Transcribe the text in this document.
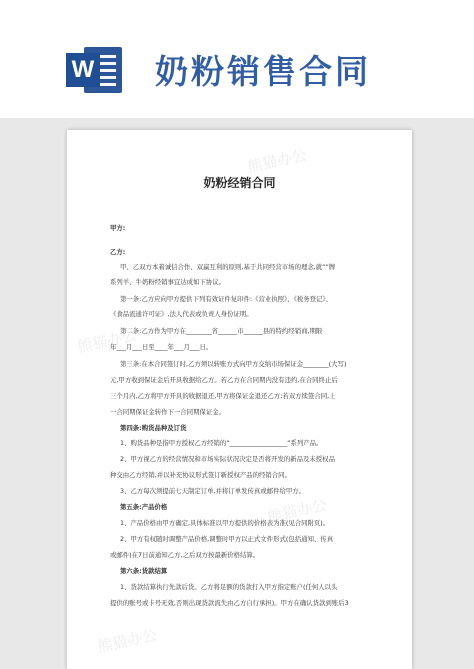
W 奶粉销售合同
熊猫办公
熊猫办公
熊猫办公
熊猫办公
奶粉经销合同
甲方:
乙方:
甲、乙双方本着诚信合作、双赢互利的原则,基于共同经营市场的理念,就“”牌
系列羊、牛奶粉经销事宜达成如下协议。
第一条:乙方应向甲方提供下列有效证件复印件:《营业执照》、《税务登记》、
《食品流通许可证》,法人代表或负责人身份证明。
第二条:乙方作为甲方在________省______市______县的特约经销商,期限
年___月___日至____年___月___日。
第三条:在本合同签订时,乙方须以转账方式向甲方交纳市场保证金________(大写)
元,甲方收到保证金后开具收据给乙方。若乙方在合同期内没有违约,在合同终止后
三个月内,乙方将甲方开具的收据退还,甲方将保证金退还乙方;若双方续签合同,上
一合同期保证金转作下一合同期保证金。
第四条:购货品种及订货
1、购货品种是指甲方授权乙方经销的“__________________”系列产品。
2、甲方视乙方的经营情况和市场实际状况决定是否将开发的新品及未授权品
种交由乙方经销,并以补充协议形式签订新授权产品的经销合同。
3、乙方每次须提前七天制定订单,并将订单发传真或邮件给甲方。
第五条:产品价格
1、产品价格由甲方确定,具体标准以甲方提供的价格表为准(见合同附页)。
2、甲方有权随时调整产品价格,调整时甲方以正式文件形式(包括通知、传真
或邮件)在7日前通知乙方,之后双方按最新价格结算。
第六条:货款结算
1、货款结算执行先款后货。乙方将足额的货款打入甲方指定账户(任何人以头
提供的账号或卡号无效,否则出现货款流失由乙方自行承担)。甲方在确认货款到账后3
